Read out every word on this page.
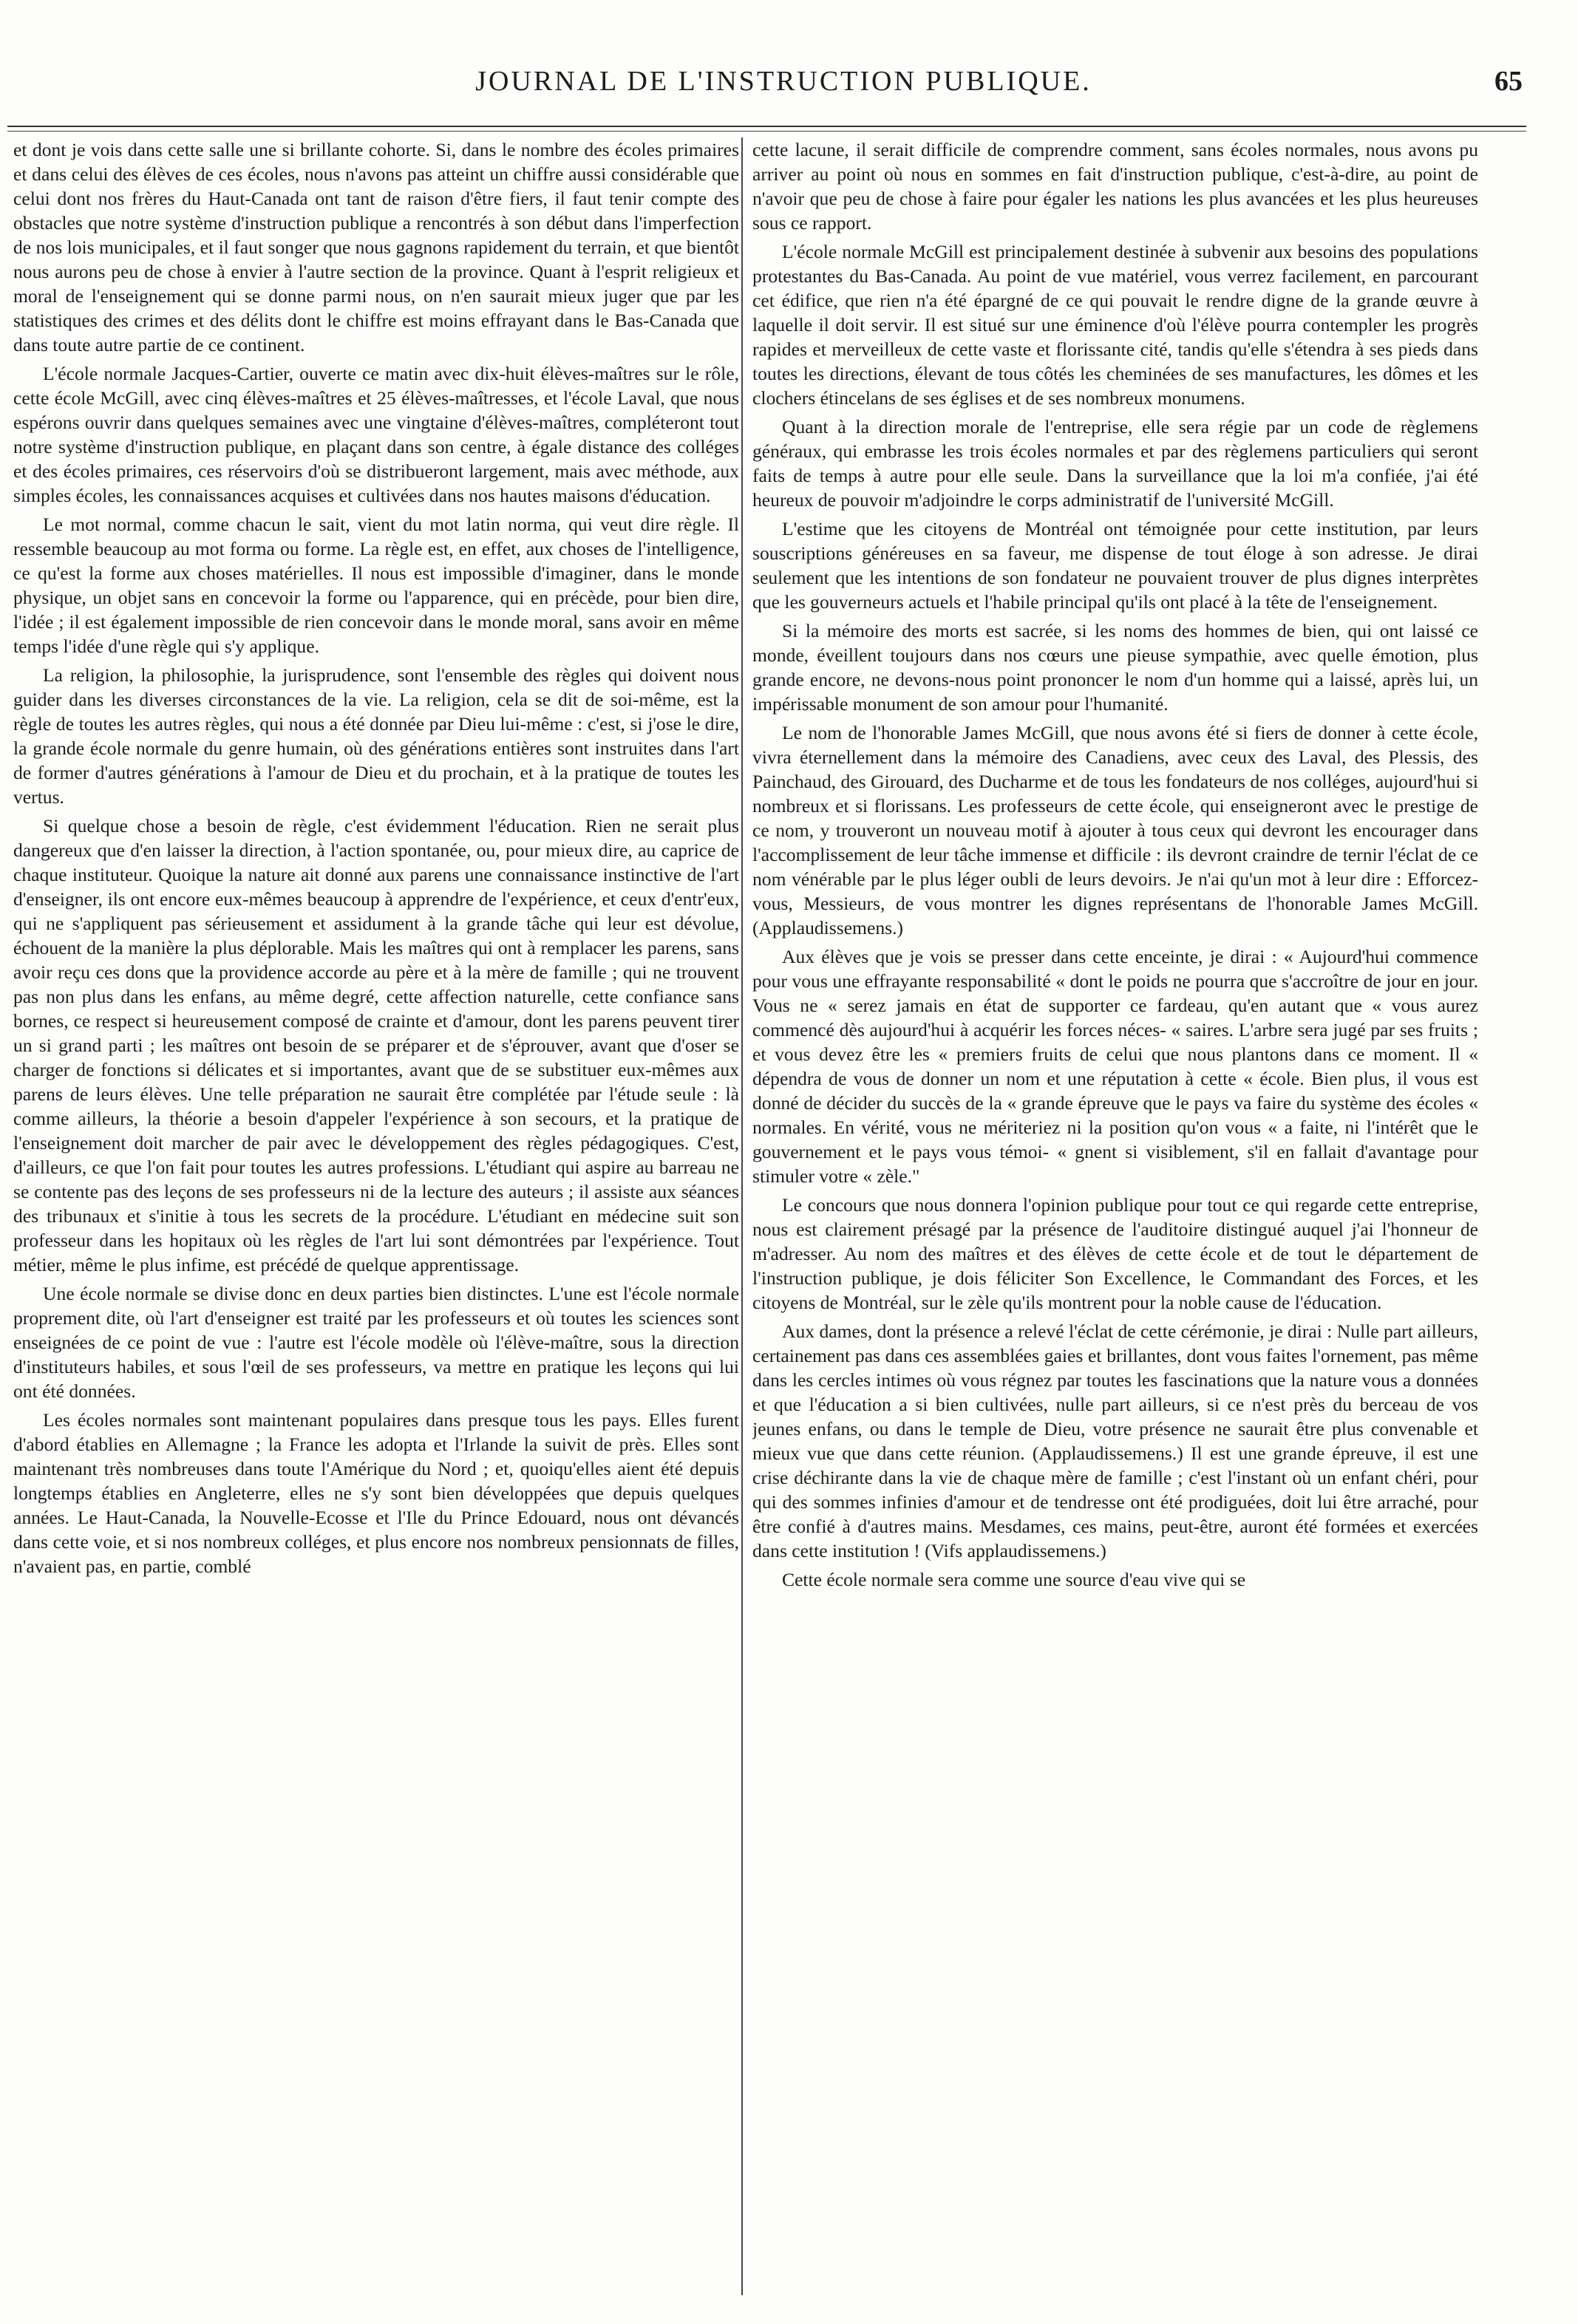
JOURNAL DE L'INSTRUCTION PUBLIQUE.	65

et dont je vois dans cette salle une si brillante cohorte. Si, dans le nombre des écoles primaires et dans celui des élèves de ces écoles, nous n'avons pas atteint un chiffre aussi considérable que celui dont nos frères du Haut-Canada ont tant de raison d'être fiers, il faut tenir compte des obstacles que notre système d'instruction publique a rencontrés à son début dans l'imperfection de nos lois municipales, et il faut songer que nous gagnons rapidement du terrain, et que bientôt nous aurons peu de chose à envier à l'autre section de la province. Quant à l'esprit religieux et moral de l'enseignement qui se donne parmi nous, on n'en saurait mieux juger que par les statistiques des crimes et des délits dont le chiffre est moins effrayant dans le Bas-Canada que dans toute autre partie de ce continent.

L'école normale Jacques-Cartier, ouverte ce matin avec dix-huit élèves-maîtres sur le rôle, cette école McGill, avec cinq élèves-maîtres et 25 élèves-maîtresses, et l'école Laval, que nous espérons ouvrir dans quelques semaines avec une vingtaine d'élèves-maîtres, compléteront tout notre système d'instruction publique, en plaçant dans son centre, à égale distance des colléges et des écoles primaires, ces réservoirs d'où se distribueront largement, mais avec méthode, aux simples écoles, les connaissances acquises et cultivées dans nos hautes maisons d'éducation.

Le mot normal, comme chacun le sait, vient du mot latin norma, qui veut dire règle. Il ressemble beaucoup au mot forma ou forme. La règle est, en effet, aux choses de l'intelligence, ce qu'est la forme aux choses matérielles. Il nous est impossible d'imaginer, dans le monde physique, un objet sans en concevoir la forme ou l'apparence, qui en précède, pour bien dire, l'idée ; il est également impossible de rien concevoir dans le monde moral, sans avoir en même temps l'idée d'une règle qui s'y applique.

La religion, la philosophie, la jurisprudence, sont l'ensemble des règles qui doivent nous guider dans les diverses circonstances de la vie. La religion, cela se dit de soi-même, est la règle de toutes les autres règles, qui nous a été donnée par Dieu lui-même : c'est, si j'ose le dire, la grande école normale du genre humain, où des générations entières sont instruites dans l'art de former d'autres générations à l'amour de Dieu et du prochain, et à la pratique de toutes les vertus.

Si quelque chose a besoin de règle, c'est évidemment l'éducation. Rien ne serait plus dangereux que d'en laisser la direction, à l'action spontanée, ou, pour mieux dire, au caprice de chaque instituteur. Quoique la nature ait donné aux parens une connaissance instinctive de l'art d'enseigner, ils ont encore eux-mêmes beaucoup à apprendre de l'expérience, et ceux d'entr'eux, qui ne s'appliquent pas sérieusement et assidument à la grande tâche qui leur est dévolue, échouent de la manière la plus déplorable. Mais les maîtres qui ont à remplacer les parens, sans avoir reçu ces dons que la providence accorde au père et à la mère de famille ; qui ne trouvent pas non plus dans les enfans, au même degré, cette affection naturelle, cette confiance sans bornes, ce respect si heureusement composé de crainte et d'amour, dont les parens peuvent tirer un si grand parti ; les maîtres ont besoin de se préparer et de s'éprouver, avant que d'oser se charger de fonctions si délicates et si importantes, avant que de se substituer eux-mêmes aux parens de leurs élèves. Une telle préparation ne saurait être complétée par l'étude seule : là comme ailleurs, la théorie a besoin d'appeler l'expérience à son secours, et la pratique de l'enseignement doit marcher de pair avec le développement des règles pédagogiques. C'est, d'ailleurs, ce que l'on fait pour toutes les autres professions. L'étudiant qui aspire au barreau ne se contente pas des leçons de ses professeurs ni de la lecture des auteurs ; il assiste aux séances des tribunaux et s'initie à tous les secrets de la procédure. L'étudiant en médecine suit son professeur dans les hopitaux où les règles de l'art lui sont démontrées par l'expérience. Tout métier, même le plus infime, est précédé de quelque apprentissage.

Une école normale se divise donc en deux parties bien distinctes. L'une est l'école normale proprement dite, où l'art d'enseigner est traité par les professeurs et où toutes les sciences sont enseignées de ce point de vue : l'autre est l'école modèle où l'élève-maître, sous la direction d'instituteurs habiles, et sous l'œil de ses professeurs, va mettre en pratique les leçons qui lui ont été données.

Les écoles normales sont maintenant populaires dans presque tous les pays. Elles furent d'abord établies en Allemagne ; la France les adopta et l'Irlande la suivit de près. Elles sont maintenant très nombreuses dans toute l'Amérique du Nord ; et, quoiqu'elles aient été depuis longtemps établies en Angleterre, elles ne s'y sont bien développées que depuis quelques années. Le Haut-Canada, la Nouvelle-Ecosse et l'Ile du Prince Edouard, nous ont dévancés dans cette voie, et si nos nombreux colléges, et plus encore nos nombreux pensionnats de filles, n'avaient pas, en partie, comblé

cette lacune, il serait difficile de comprendre comment, sans écoles normales, nous avons pu arriver au point où nous en sommes en fait d'instruction publique, c'est-à-dire, au point de n'avoir que peu de chose à faire pour égaler les nations les plus avancées et les plus heureuses sous ce rapport.

L'école normale McGill est principalement destinée à subvenir aux besoins des populations protestantes du Bas-Canada. Au point de vue matériel, vous verrez facilement, en parcourant cet édifice, que rien n'a été épargné de ce qui pouvait le rendre digne de la grande œuvre à laquelle il doit servir. Il est situé sur une éminence d'où l'élève pourra contempler les progrès rapides et merveilleux de cette vaste et florissante cité, tandis qu'elle s'étendra à ses pieds dans toutes les directions, élevant de tous côtés les cheminées de ses manufactures, les dômes et les clochers étincelans de ses églises et de ses nombreux monumens.

Quant à la direction morale de l'entreprise, elle sera régie par un code de règlemens généraux, qui embrasse les trois écoles normales et par des règlemens particuliers qui seront faits de temps à autre pour elle seule. Dans la surveillance que la loi m'a confiée, j'ai été heureux de pouvoir m'adjoindre le corps administratif de l'université McGill.

L'estime que les citoyens de Montréal ont témoignée pour cette institution, par leurs souscriptions généreuses en sa faveur, me dispense de tout éloge à son adresse. Je dirai seulement que les intentions de son fondateur ne pouvaient trouver de plus dignes interprètes que les gouverneurs actuels et l'habile principal qu'ils ont placé à la tête de l'enseignement.

Si la mémoire des morts est sacrée, si les noms des hommes de bien, qui ont laissé ce monde, éveillent toujours dans nos cœurs une pieuse sympathie, avec quelle émotion, plus grande encore, ne devons-nous point prononcer le nom d'un homme qui a laissé, après lui, un impérissable monument de son amour pour l'humanité.

Le nom de l'honorable James McGill, que nous avons été si fiers de donner à cette école, vivra éternellement dans la mémoire des Canadiens, avec ceux des Laval, des Plessis, des Painchaud, des Girouard, des Ducharme et de tous les fondateurs de nos colléges, aujourd'hui si nombreux et si florissans. Les professeurs de cette école, qui enseigneront avec le prestige de ce nom, y trouveront un nouveau motif à ajouter à tous ceux qui devront les encourager dans l'accomplissement de leur tâche immense et difficile : ils devront craindre de ternir l'éclat de ce nom vénérable par le plus léger oubli de leurs devoirs. Je n'ai qu'un mot à leur dire : Efforcez-vous, Messieurs, de vous montrer les dignes représentans de l'honorable James McGill. (Applaudissemens.)

Aux élèves que je vois se presser dans cette enceinte, je dirai : « Aujourd'hui commence pour vous une effrayante responsabilité « dont le poids ne pourra que s'accroître de jour en jour. Vous ne « serez jamais en état de supporter ce fardeau, qu'en autant que « vous aurez commencé dès aujourd'hui à acquérir les forces néces- « saires. L'arbre sera jugé par ses fruits ; et vous devez être les « premiers fruits de celui que nous plantons dans ce moment. Il « dépendra de vous de donner un nom et une réputation à cette « école. Bien plus, il vous est donné de décider du succès de la « grande épreuve que le pays va faire du système des écoles « normales. En vérité, vous ne mériteriez ni la position qu'on vous « a faite, ni l'intérêt que le gouvernement et le pays vous témoi- « gnent si visiblement, s'il en fallait d'avantage pour stimuler votre « zèle."

Le concours que nous donnera l'opinion publique pour tout ce qui regarde cette entreprise, nous est clairement présagé par la présence de l'auditoire distingué auquel j'ai l'honneur de m'adresser. Au nom des maîtres et des élèves de cette école et de tout le département de l'instruction publique, je dois féliciter Son Excellence, le Commandant des Forces, et les citoyens de Montréal, sur le zèle qu'ils montrent pour la noble cause de l'éducation.

Aux dames, dont la présence a relevé l'éclat de cette cérémonie, je dirai : Nulle part ailleurs, certainement pas dans ces assemblées gaies et brillantes, dont vous faites l'ornement, pas même dans les cercles intimes où vous régnez par toutes les fascinations que la nature vous a données et que l'éducation a si bien cultivées, nulle part ailleurs, si ce n'est près du berceau de vos jeunes enfans, ou dans le temple de Dieu, votre présence ne saurait être plus convenable et mieux vue que dans cette réunion. (Applaudissemens.) Il est une grande épreuve, il est une crise déchirante dans la vie de chaque mère de famille ; c'est l'instant où un enfant chéri, pour qui des sommes infinies d'amour et de tendresse ont été prodiguées, doit lui être arraché, pour être confié à d'autres mains. Mesdames, ces mains, peut-être, auront été formées et exercées dans cette institution ! (Vifs applaudissemens.)

Cette école normale sera comme une source d'eau vive qui se
